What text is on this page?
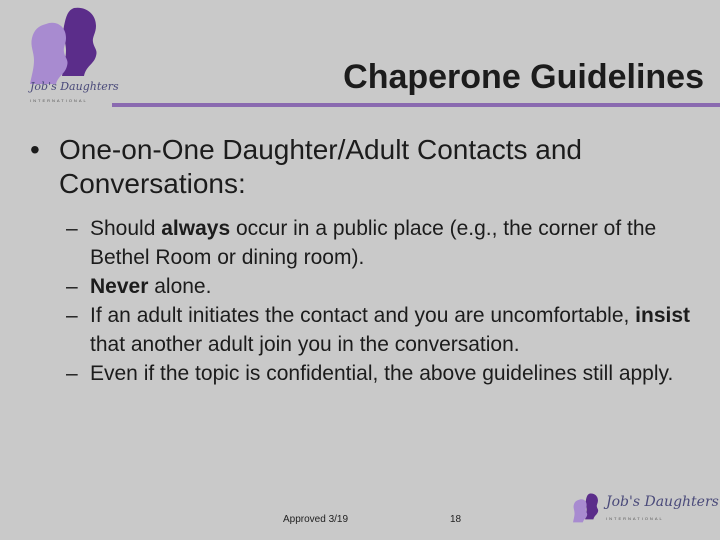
Job's Daughters
INTERNATIONAL
Chaperone Guidelines
• One-on-One Daughter/Adult Contacts and
Conversations:
– Should always occur in a public place (e.g., the corner of the Bethel Room or dining room).
– Never alone.
– If an adult initiates the contact and you are uncomfortable, insist that another adult join you in the conversation.
– Even if the topic is confidential, the above guidelines still apply.
Approved 3/19	18
Job's Daughters
INTERNATIONAL
